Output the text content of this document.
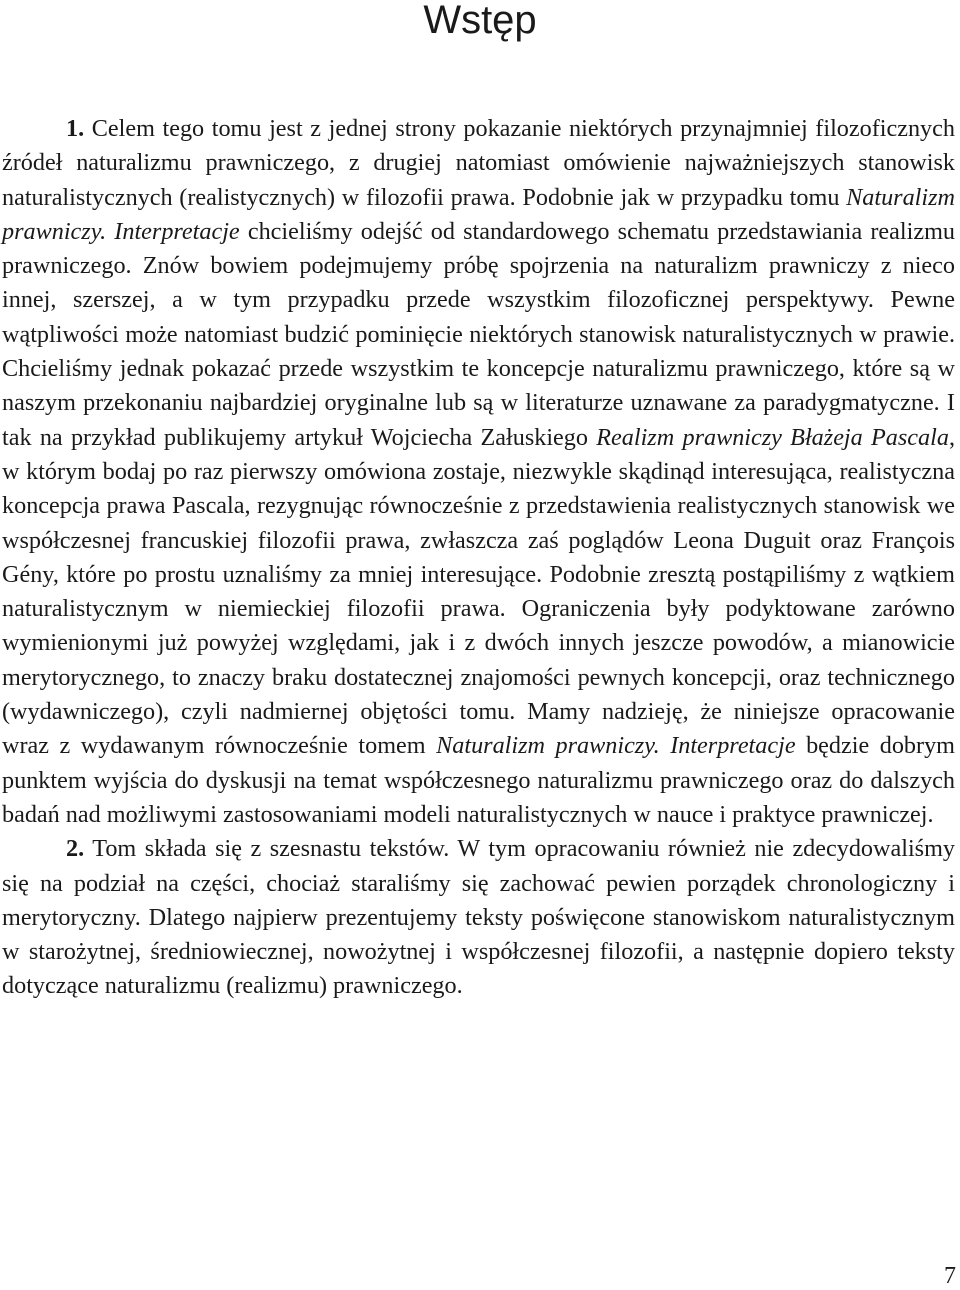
Wstęp

1. Celem tego tomu jest z jednej strony pokazanie niektórych przynajmniej filozoficznych źródeł naturalizmu prawniczego, z drugiej natomiast omówienie najważniejszych stanowisk naturalistycznych (realistycznych) w filozofii prawa. Podobnie jak w przypadku tomu Naturalizm prawniczy. Interpretacje chcieliśmy odejść od standardowego schematu przedstawiania realizmu prawniczego. Znów bowiem podejmujemy próbę spojrzenia na naturalizm prawniczy z nieco innej, szerszej, a w tym przypadku przede wszystkim filozoficznej perspektywy. Pewne wątpliwości może natomiast budzić pominięcie niektórych stanowisk naturalistycznych w prawie. Chcieliśmy jednak pokazać przede wszystkim te koncepcje naturalizmu prawniczego, które są w naszym przekonaniu najbardziej oryginalne lub są w literaturze uznawane za paradygmatyczne. I tak na przykład publikujemy artykuł Wojciecha Załuskiego Realizm prawniczy Błażeja Pascala, w którym bodaj po raz pierwszy omówiona zostaje, niezwykle skądinąd interesująca, realistyczna koncepcja prawa Pascala, rezygnując równocześnie z przedstawienia realistycznych stanowisk we współczesnej francuskiej filozofii prawa, zwłaszcza zaś poglądów Leona Duguit oraz François Gény, które po prostu uznaliśmy za mniej interesujące. Podobnie zresztą postąpiliśmy z wątkiem naturalistycznym w niemieckiej filozofii prawa. Ograniczenia były podyktowane zarówno wymienionymi już powyżej względami, jak i z dwóch innych jeszcze powodów, a mianowicie merytorycznego, to znaczy braku dostatecznej znajomości pewnych koncepcji, oraz technicznego (wydawniczego), czyli nadmiernej objętości tomu. Mamy nadzieję, że niniejsze opracowanie wraz z wydawanym równocześnie tomem Naturalizm prawniczy. Interpretacje będzie dobrym punktem wyjścia do dyskusji na temat współczesnego naturalizmu prawniczego oraz do dalszych badań nad możliwymi zastosowaniami modeli naturalistycznych w nauce i praktyce prawniczej.

2. Tom składa się z szesnastu tekstów. W tym opracowaniu również nie zdecydowaliśmy się na podział na części, chociaż staraliśmy się zachować pewien porządek chronologiczny i merytoryczny. Dlatego najpierw prezentujemy teksty poświęcone stanowiskom naturalistycznym w starożytnej, średniowiecznej, nowożytnej i współczesnej filozofii, a następnie dopiero teksty dotyczące naturalizmu (realizmu) prawniczego.

7
